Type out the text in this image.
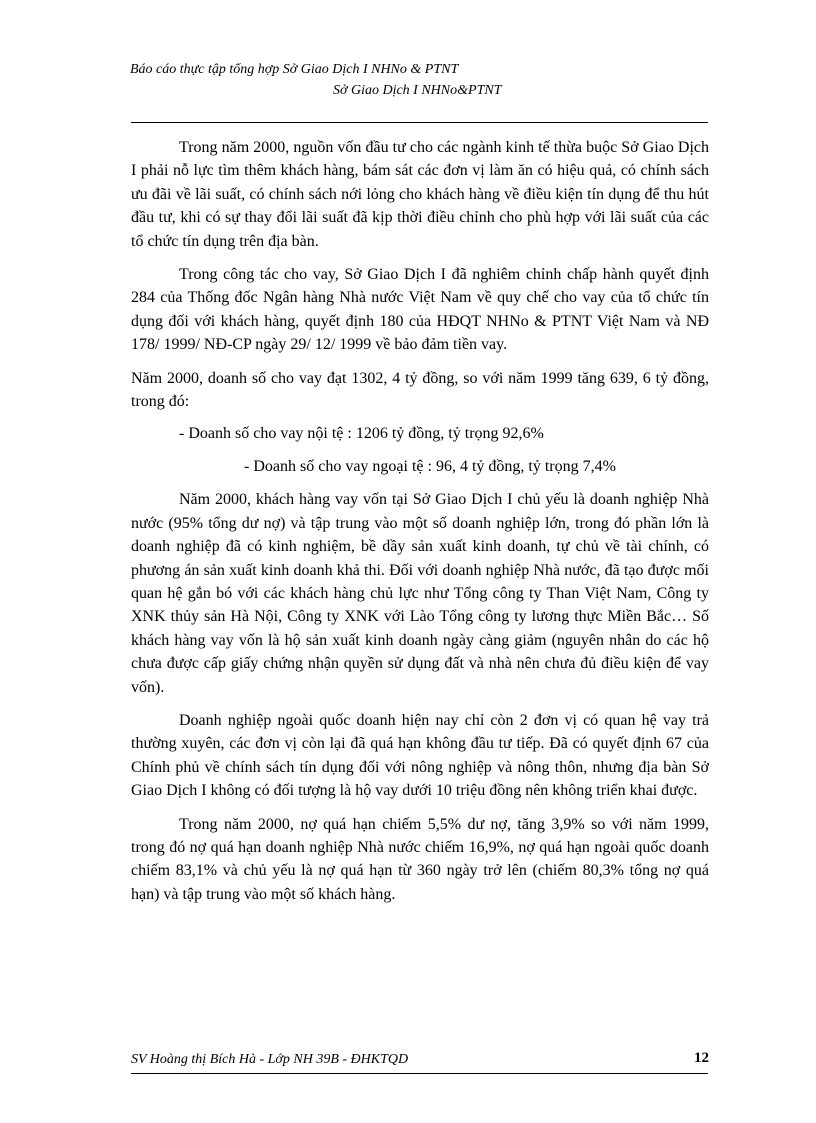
Báo cáo thực tập tổng hợp Sở Giao Dịch I NHNo & PTNT
Sở Giao Dịch I NHNo&PTNT

Trong năm 2000, nguồn vốn đầu tư cho các ngành kinh tế thừa buộc Sở Giao Dịch I phải nỗ lực tìm thêm khách hàng, bám sát các đơn vị làm ăn có hiệu quả, có chính sách ưu đãi về lãi suất, có chính sách nới lỏng cho khách hàng về điều kiện tín dụng để thu hút đầu tư, khi có sự thay đổi lãi suất đã kịp thời điều chỉnh cho phù hợp với lãi suất của các tổ chức tín dụng trên địa bàn.

Trong công tác cho vay, Sở Giao Dịch I đã nghiêm chỉnh chấp hành quyết định 284 của Thống đốc Ngân hàng Nhà nước Việt Nam về quy chế cho vay của tổ chức tín dụng đối với khách hàng, quyết định 180 của HĐQT NHNo & PTNT Việt Nam và NĐ 178/ 1999/ NĐ-CP ngày 29/ 12/ 1999 về bảo đảm tiền vay.

Năm 2000, doanh số cho vay đạt 1302, 4 tỷ đồng, so với năm 1999 tăng 639, 6 tỷ đồng, trong đó:

- Doanh số cho vay nội tệ : 1206 tỷ đồng, tỷ trọng 92,6%

- Doanh số cho vay ngoại tệ : 96, 4 tỷ đồng, tỷ trọng 7,4%

Năm 2000, khách hàng vay vốn tại Sở Giao Dịch I chủ yếu là doanh nghiệp Nhà nước (95% tổng dư nợ) và tập trung vào một số doanh nghiệp lớn, trong đó phần lớn là doanh nghiệp đã có kinh nghiệm, bề dầy sản xuất kinh doanh, tự chủ về tài chính, có phương án sản xuất kinh doanh khả thi. Đối với doanh nghiệp Nhà nước, đã tạo được mối quan hệ gắn bó với các khách hàng chủ lực như Tổng công ty Than Việt Nam, Công ty XNK thủy sản Hà Nội, Công ty XNK với Lào Tổng công ty lương thực Miền Bắc… Số khách hàng vay vốn là hộ sản xuất kinh doanh ngày càng giảm (nguyên nhân do các hộ chưa được cấp giấy chứng nhận quyền sử dụng đất và nhà nên chưa đủ điều kiện để vay vốn).

Doanh nghiệp ngoài quốc doanh hiện nay chỉ còn 2 đơn vị có quan hệ vay trả thường xuyên, các đơn vị còn lại đã quá hạn không đầu tư tiếp. Đã có quyết định 67 của Chính phủ về chính sách tín dụng đối với nông nghiệp và nông thôn, nhưng địa bàn Sở Giao Dịch I không có đối tượng là hộ vay dưới 10 triệu đồng nên không triển khai được.

Trong năm 2000, nợ quá hạn chiếm 5,5% dư nợ, tăng 3,9% so với năm 1999, trong đó nợ quá hạn doanh nghiệp Nhà nước chiếm 16,9%, nợ quá hạn ngoài quốc doanh chiếm 83,1% và chủ yếu là nợ quá hạn từ 360 ngày trở lên (chiếm 80,3% tổng nợ quá hạn) và tập trung vào một số khách hàng.

SV Hoàng thị Bích Hà - Lớp NH 39B - ĐHKTQD	12
